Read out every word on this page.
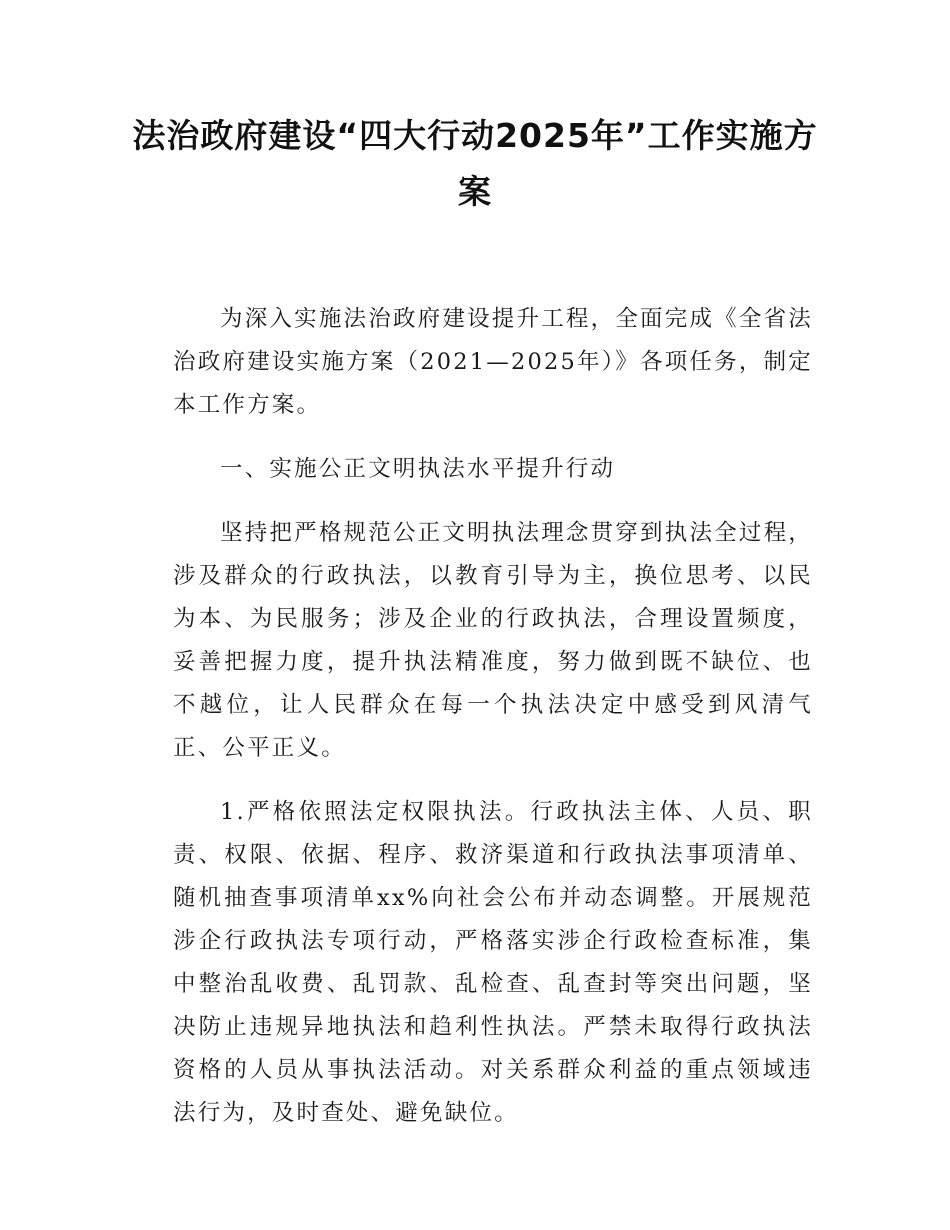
法治政府建设“四大行动2025年”工作实施方案

为深入实施法治政府建设提升工程，全面完成《全省法治政府建设实施方案（2021—2025年）》各项任务，制定本工作方案。

一、实施公正文明执法水平提升行动

坚持把严格规范公正文明执法理念贯穿到执法全过程，涉及群众的行政执法，以教育引导为主，换位思考、以民为本、为民服务；涉及企业的行政执法，合理设置频度，妥善把握力度，提升执法精准度，努力做到既不缺位、也不越位，让人民群众在每一个执法决定中感受到风清气正、公平正义。

1.严格依照法定权限执法。行政执法主体、人员、职责、权限、依据、程序、救济渠道和行政执法事项清单、随机抽查事项清单xx%向社会公布并动态调整。开展规范涉企行政执法专项行动，严格落实涉企行政检查标准，集中整治乱收费、乱罚款、乱检查、乱查封等突出问题，坚决防止违规异地执法和趋利性执法。严禁未取得行政执法资格的人员从事执法活动。对关系群众利益的重点领域违法行为，及时查处、避免缺位。
